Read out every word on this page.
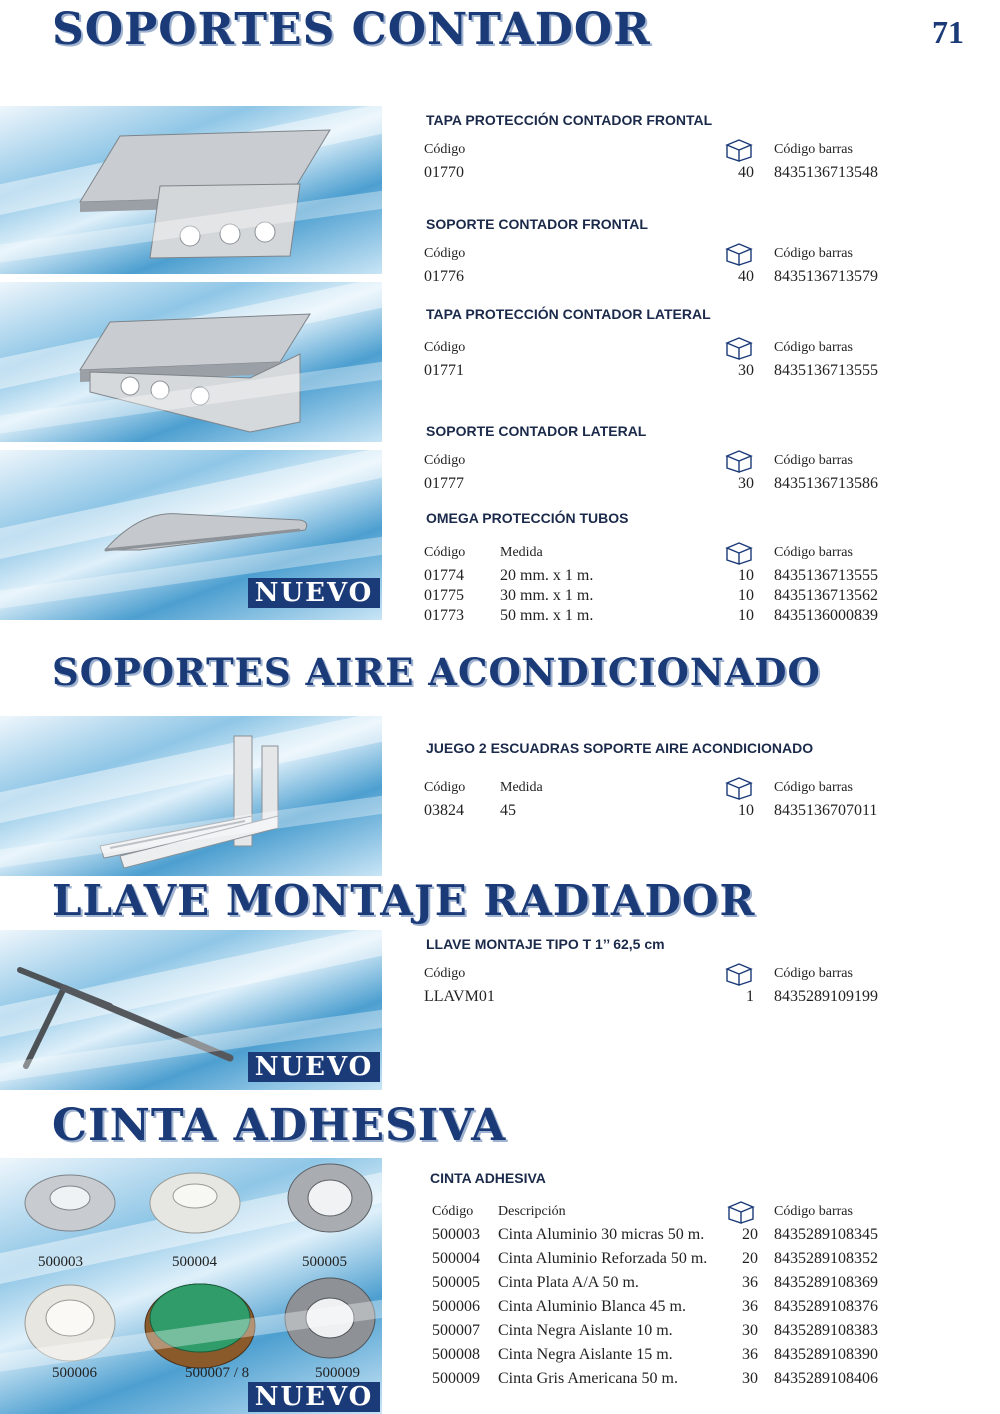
SOPORTES CONTADOR	71
NUEVO
TAPA PROTECCIÓN CONTADOR FRONTAL
Código	Código barras
01770	40 8435136713548
SOPORTE CONTADOR FRONTAL
Código	Código barras
01776	40 8435136713579
TAPA PROTECCIÓN CONTADOR LATERAL
Código	Código barras
01771	30 8435136713555
SOPORTE CONTADOR LATERAL
Código	Código barras
01777	30 8435136713586
OMEGA PROTECCIÓN TUBOS
Código Medida	Código barras
01774 20 mm. x 1 m.	10 8435136713555
01775 30 mm. x 1 m.	10 8435136713562
01773 50 mm. x 1 m.	10 8435136000839
SOPORTES AIRE ACONDICIONADO
JUEGO 2 ESCUADRAS SOPORTE AIRE ACONDICIONADO
Código Medida	Código barras
03824 45	10 8435136707011
LLAVE MONTAJE RADIADOR
NUEVO
LLAVE MONTAJE TIPO T 1’’ 62,5 cm
Código	Código barras
LLAVM01	1 8435289109199
CINTA ADHESIVA
500003	500004	500005
500006	500007 / 8	500009
NUEVO
CINTA ADHESIVA
Código Descripción	Código barras
500003 Cinta Aluminio 30 micras 50 m. 20 8435289108345
500004 Cinta Aluminio Reforzada 50 m. 20 8435289108352
500005 Cinta Plata A/A 50 m.	36 8435289108369
500006 Cinta Aluminio Blanca 45 m.	36 8435289108376
500007 Cinta Negra Aislante 10 m.	30 8435289108383
500008 Cinta Negra Aislante 15 m.	36 8435289108390
500009 Cinta Gris Americana 50 m.	30 8435289108406
